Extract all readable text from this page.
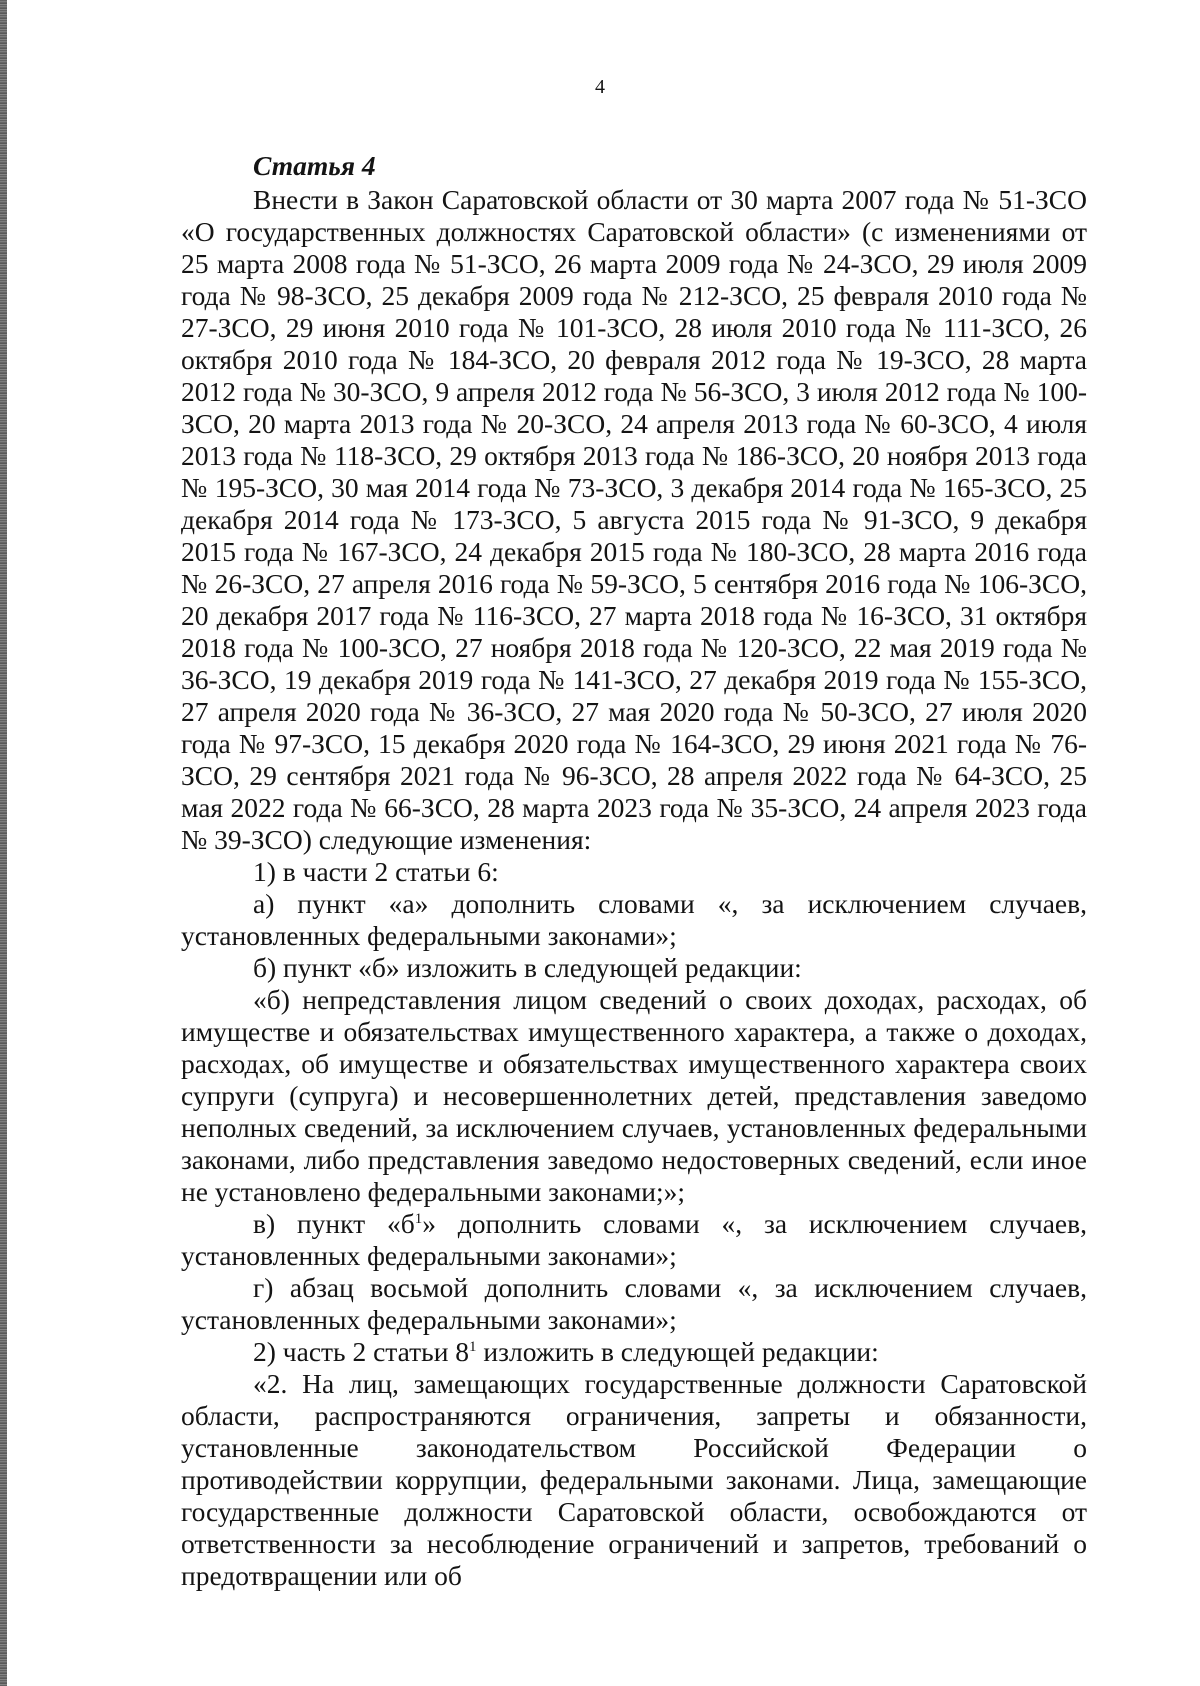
4
Статья 4

Внести в Закон Саратовской области от 30 марта 2007 года № 51-ЗСО «О государственных должностях Саратовской области» (с изменениями от 25 марта 2008 года № 51-ЗСО, 26 марта 2009 года № 24-ЗСО, 29 июля 2009 года № 98-ЗСО, 25 декабря 2009 года № 212-ЗСО, 25 февраля 2010 года № 27-ЗСО, 29 июня 2010 года № 101-ЗСО, 28 июля 2010 года № 111-ЗСО, 26 октября 2010 года № 184-ЗСО, 20 февраля 2012 года № 19-ЗСО, 28 марта 2012 года № 30-ЗСО, 9 апреля 2012 года № 56-ЗСО, 3 июля 2012 года № 100-ЗСО, 20 марта 2013 года № 20-ЗСО, 24 апреля 2013 года № 60-ЗСО, 4 июля 2013 года № 118-ЗСО, 29 октября 2013 года № 186-ЗСО, 20 ноября 2013 года № 195-ЗСО, 30 мая 2014 года № 73-ЗСО, 3 декабря 2014 года № 165-ЗСО, 25 декабря 2014 года № 173-ЗСО, 5 августа 2015 года № 91-ЗСО, 9 декабря 2015 года № 167-ЗСО, 24 декабря 2015 года № 180-ЗСО, 28 марта 2016 года № 26-ЗСО, 27 апреля 2016 года № 59-ЗСО, 5 сентября 2016 года № 106-ЗСО, 20 декабря 2017 года № 116-ЗСО, 27 марта 2018 года № 16-ЗСО, 31 октября 2018 года № 100-ЗСО, 27 ноября 2018 года № 120-ЗСО, 22 мая 2019 года № 36-ЗСО, 19 декабря 2019 года № 141-ЗСО, 27 декабря 2019 года № 155-ЗСО, 27 апреля 2020 года № 36-ЗСО, 27 мая 2020 года № 50-ЗСО, 27 июля 2020 года № 97-ЗСО, 15 декабря 2020 года № 164-ЗСО, 29 июня 2021 года № 76-ЗСО, 29 сентября 2021 года № 96-ЗСО, 28 апреля 2022 года № 64-ЗСО, 25 мая 2022 года № 66-ЗСО, 28 марта 2023 года № 35-ЗСО, 24 апреля 2023 года № 39-ЗСО) следующие изменения:

1) в части 2 статьи 6:

а) пункт «а» дополнить словами «, за исключением случаев, установленных федеральными законами»;

б) пункт «б» изложить в следующей редакции:

«б) непредставления лицом сведений о своих доходах, расходах, об имуществе и обязательствах имущественного характера, а также о доходах, расходах, об имуществе и обязательствах имущественного характера своих супруги (супруга) и несовершеннолетних детей, представления заведомо неполных сведений, за исключением случаев, установленных федеральными законами, либо представления заведомо недостоверных сведений, если иное не установлено федеральными законами;»;

в) пункт «$б^1$» дополнить словами «, за исключением случаев, установленных федеральными законами»;

г) абзац восьмой дополнить словами «, за исключением случаев, установленных федеральными законами»;

2) часть 2 статьи $8^1$ изложить в следующей редакции:

«2. На лиц, замещающих государственные должности Саратовской области, распространяются ограничения, запреты и обязанности, установленные законодательством Российской Федерации о противодействии коррупции, федеральными законами. Лица, замещающие государственные должности Саратовской области, освобождаются от ответственности за несоблюдение ограничений и запретов, требований о предотвращении или об
